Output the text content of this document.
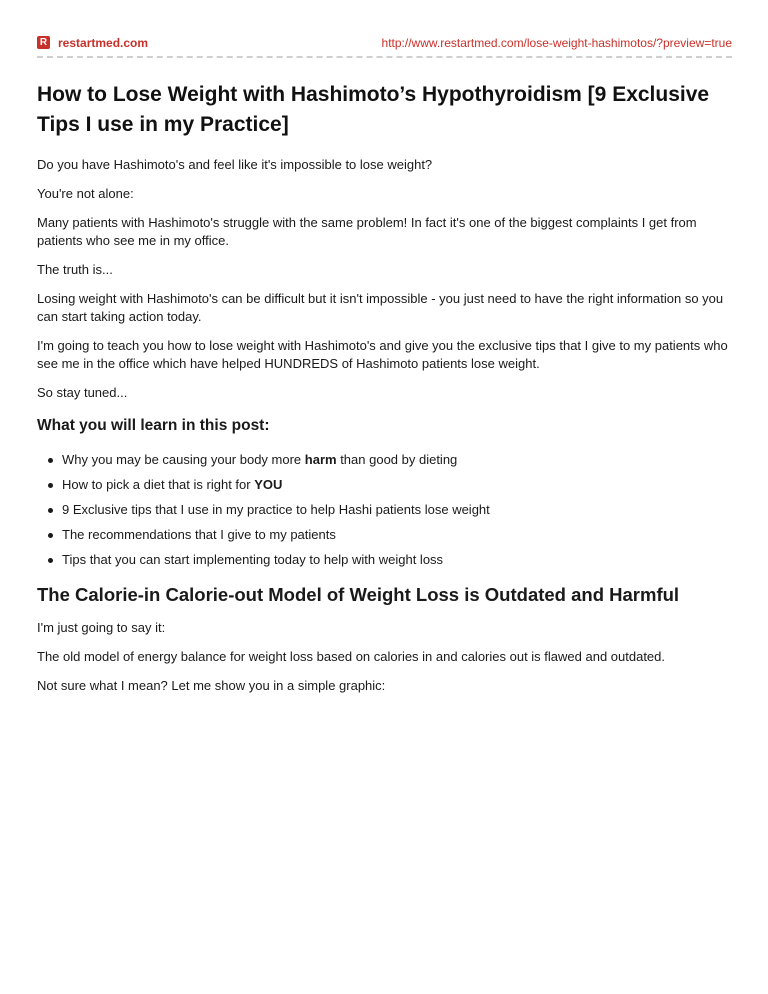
R restartmed.com	http://www.restartmed.com/lose-weight-hashimotos/?preview=true
How to Lose Weight with Hashimoto’s Hypothyroidism [9 Exclusive Tips I use in my Practice]

Do you have Hashimoto's and feel like it's impossible to lose weight?

You're not alone:

Many patients with Hashimoto's struggle with the same problem! In fact it's one of the biggest complaints I get from patients who see me in my office.

The truth is...

Losing weight with Hashimoto's can be difficult but it isn't impossible - you just need to have the right information so you can start taking action today.

I'm going to teach you how to lose weight with Hashimoto's and give you the exclusive tips that I give to my patients who see me in the office which have helped HUNDREDS of Hashimoto patients lose weight.

So stay tuned...

What you will learn in this post:
Why you may be causing your body more harm than good by dieting
How to pick a diet that is right for YOU
9 Exclusive tips that I use in my practice to help Hashi patients lose weight
The recommendations that I give to my patients
Tips that you can start implementing today to help with weight loss
The Calorie-in Calorie-out Model of Weight Loss is Outdated and Harmful

I'm just going to say it:

The old model of energy balance for weight loss based on calories in and calories out is flawed and outdated.

Not sure what I mean? Let me show you in a simple graphic:
